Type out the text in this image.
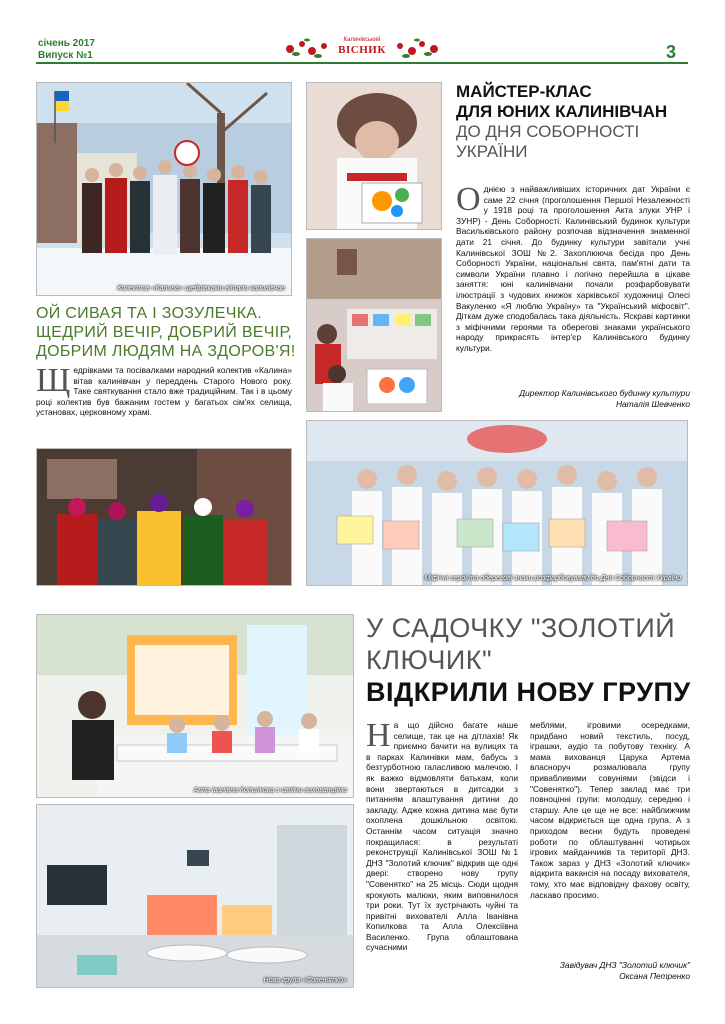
січень 2017
Випуск №1
Калинівський
ВІСНИК	3
Колектив «Калина» щедрівками вітали калинівчан
ОЙ СИВАЯ ТА І ЗОЗУЛЕЧКА.
ЩЕДРИЙ ВЕЧІР, ДОБРИЙ ВЕЧІР,
ДОБРИМ ЛЮДЯМ НА ЗДОРОВ'Я!
Щ едрівками та посівалками народний колектив «Калина» вітав калинівчан у переддень Старого Нового року. Таке святкування стало вже традиційним. Так і в цьому році колектив був бажаним гостем у багатьох сім'ях селища, установах, церковному храмі.
МАЙСТЕР-КЛАС
ДЛЯ ЮНИХ КАЛИНІВЧАН
ДО ДНЯ СОБОРНОСТІ
УКРАЇНИ
О днією з найважливіших історичних дат України є саме 22 січня (проголошення Першої Незалежності у 1918 році та проголошення Акта злуки УНР і ЗУНР) - День Соборності. Калинівський будинок культури Васильківського району розпочав відзначення знаменної дати 21 січня. До будинку культури завітали учні Калинівської ЗОШ №2. Захоплююча бесіда про День Соборності України, національні свята, пам'ятні дати та символи України плавно і логічно перейшла в цікаве заняття: юні калинівчани почали розфарбовувати ілюстрації з чудових книжок харківської художниці Олесі Вакуленко «Я люблю Україну» та "Український міфосвіт". Діткам дуже сподобалась така діяльність. Яскраві картинки з міфічними героями та оберегові знаками українського народу прикрасять інтер'єр Калинівського будинку культури.
Директор Калинівського будинку культури
Наталія Шевченко
Міфічні герої та обереговї знаки розфарбовували до Дня Соборності України
Алла Іванівна Копилкова з своїми вихованцями
Нова група «Совенятко»
У САДОЧКУ "ЗОЛОТИЙ
КЛЮЧИК"
ВІДКРИЛИ НОВУ ГРУПУ
Н а що дійсно багате наше селище, так це на дітлахів! Як приємно бачити на вулицях та в парках Калинівки мам, бабусь з безтурботною галасливою малечою. І як важко відмовляти батькам, коли вони звертаються в дитсадки з питанням влаштування дитини до закладу. Адже кожна дитина має бути охоплена дошкільною освітою. Останнім часом ситуація значно покращилася: в результаті реконструкції Калинівської ЗОШ №1 ДНЗ "Золотий ключик" відкрив ще одні двері: створено нову групу "Совенятко" на 25 місць. Сюди щодня крокують малюки, яким виповнилося три роки. Тут їх зустрічають чуйні та привітні вихователі Алла Іванівна Копилкова та Алла Олексіївна Василенко. Група облаштована сучасними
меблями, ігровими осередками, придбано новий текстиль, посуд, іграшки, аудіо та побутову техніку. А мама вихованця Царука Артема власноруч розмалювала групу привабливими совуніями (звідси і "Совенятко"). Тепер заклад має три повноцінні групи: молодшу, середню і старшу. Але це ще не все: найближчим часом відкриється ще одна група. А з приходом весни будуть проведені роботи по облаштуванні чотирьох ігрових майданчиків та території ДНЗ. Також зараз у ДНЗ «Золотий ключик» відкрита вакансія на посаду вихователя, тому, хто має відповідну фахову освіту, ласкаво просимо.
Завідувач ДНЗ "Золотий ключик"
Оксана Петренко
